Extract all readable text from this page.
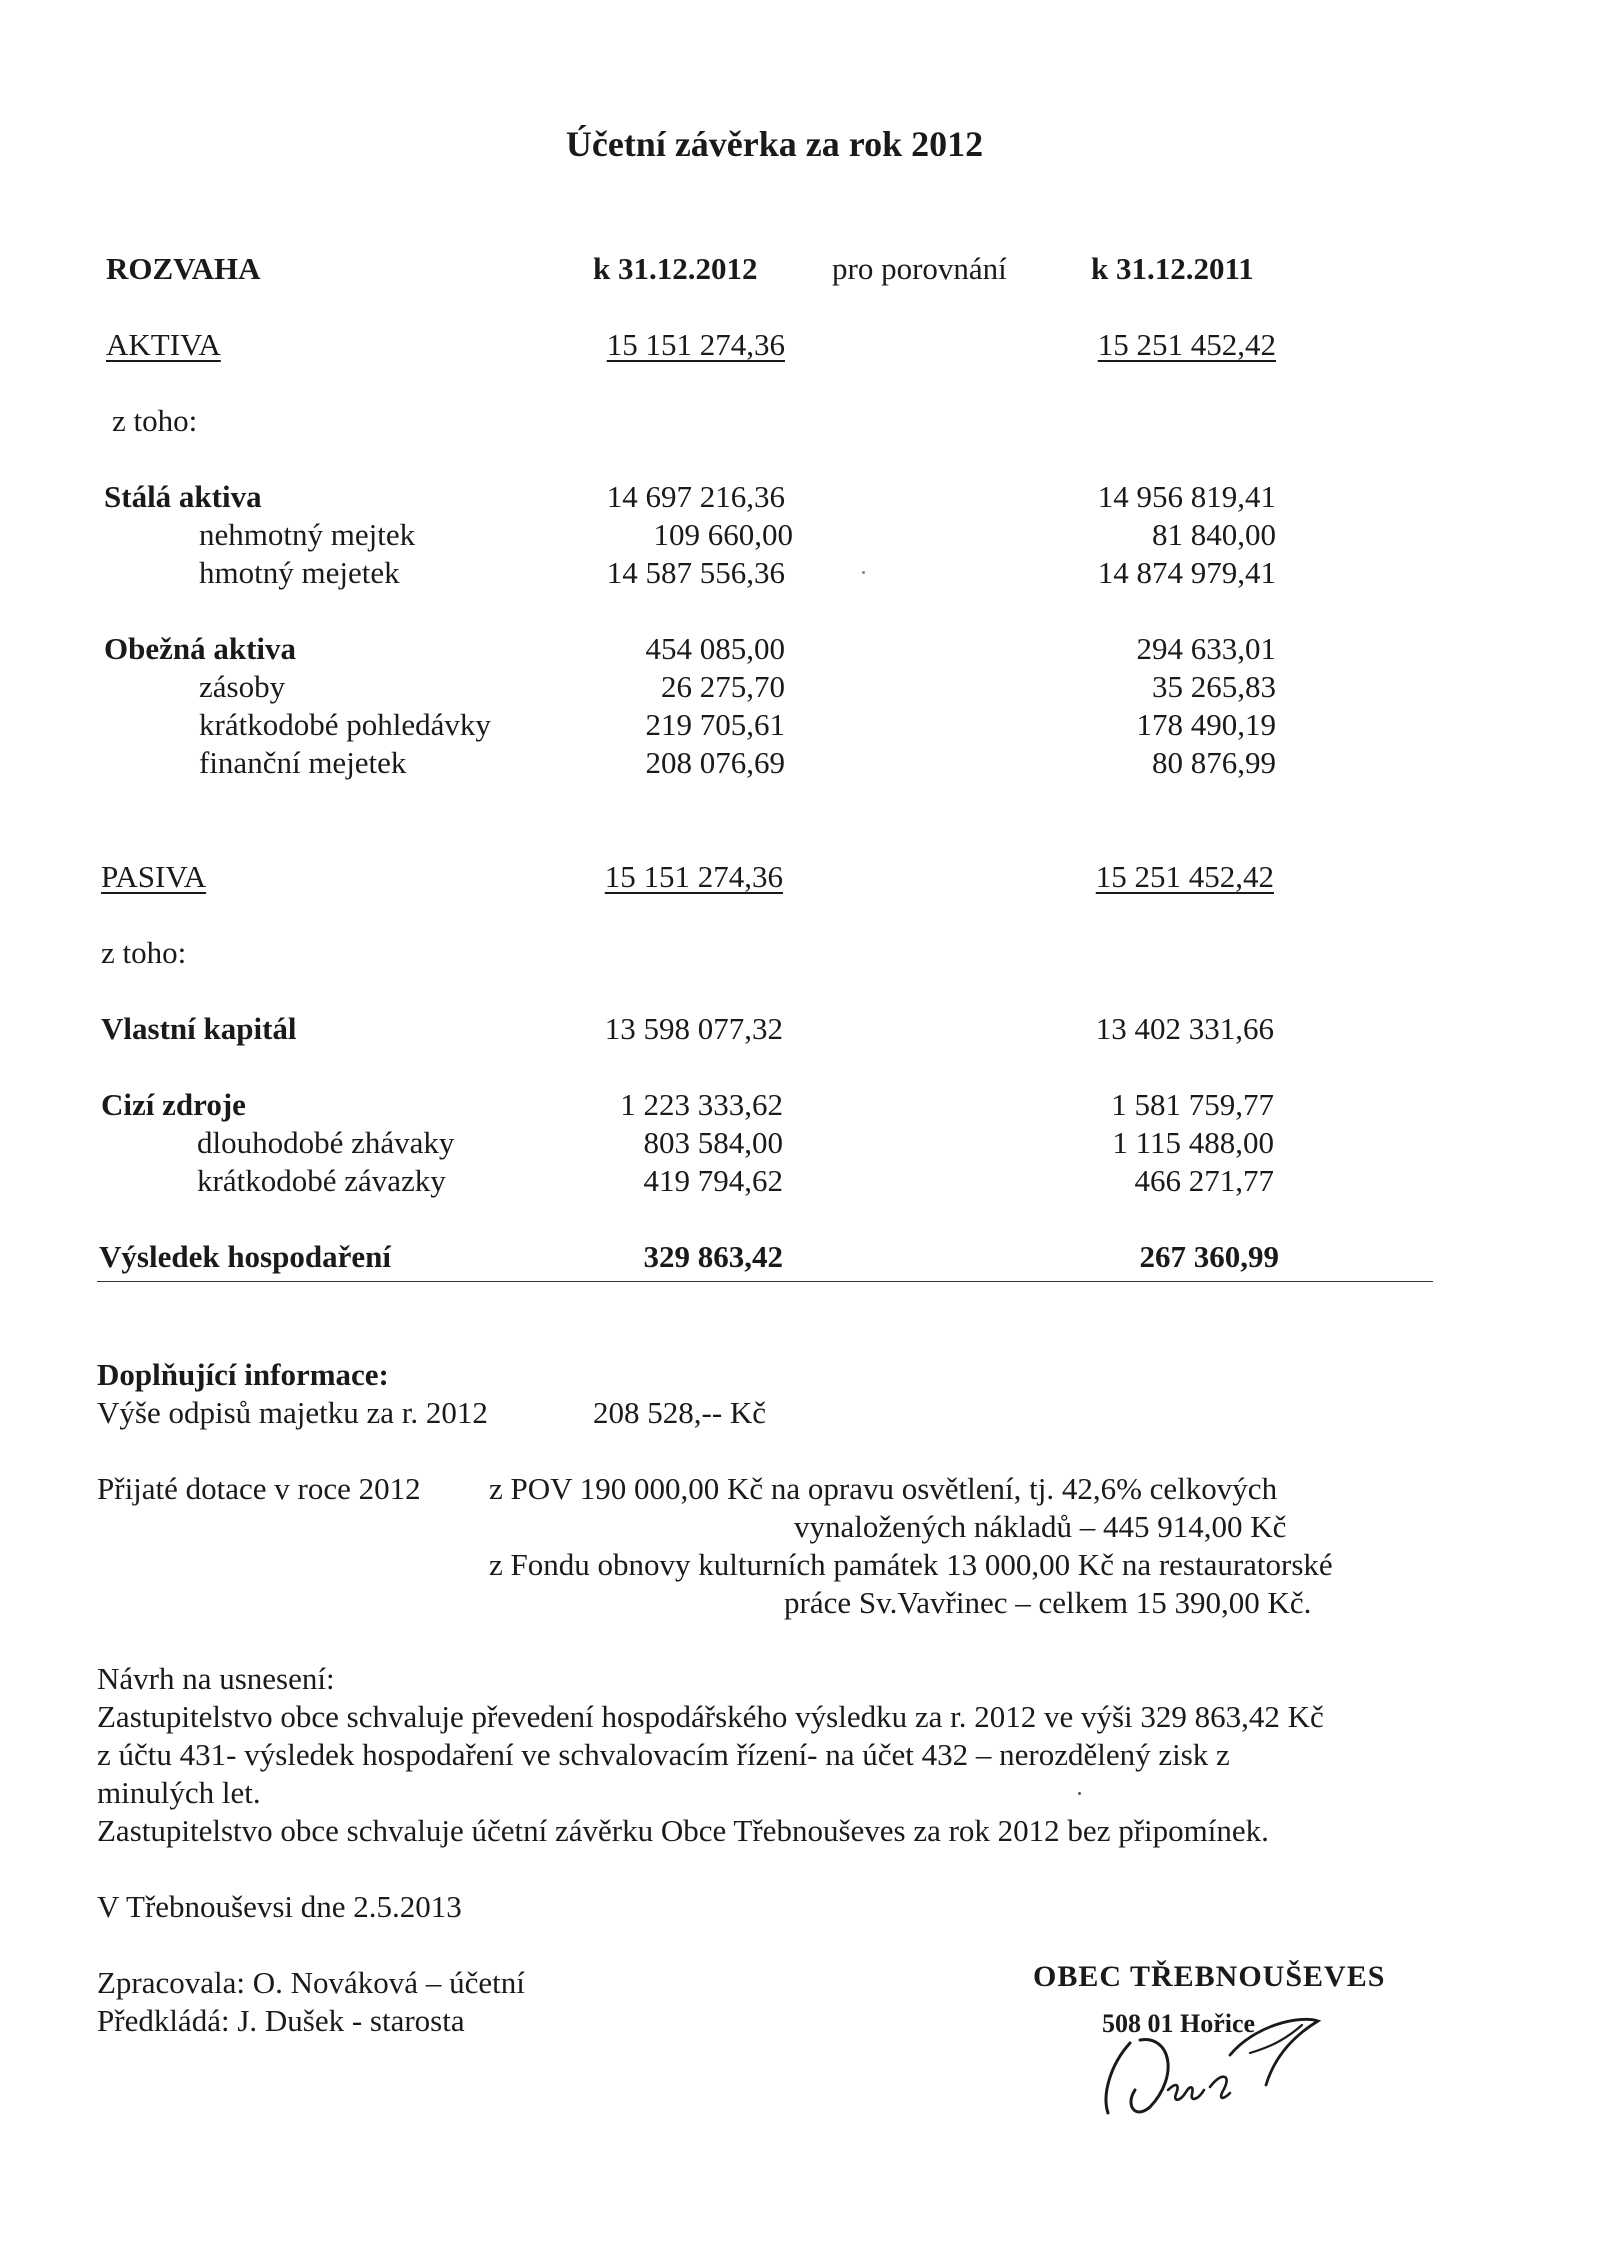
Účetní závěrka za rok 2012
ROZVAHA	k 31.12.2012 pro porovnání	k 31.12.2011
AKTIVA	15 151 274,36	15 251 452,42
z toho:
Stálá aktiva	14 697 216,36	14 956 819,41
nehmotný mejtek	109 660,00	81 840,00
hmotný mejetek	14 587 556,36	14 874 979,41
Obežná aktiva	454 085,00	294 633,01
zásoby	26 275,70	35 265,83
krátkodobé pohledávky	219 705,61	178 490,19
finanční mejetek	208 076,69	80 876,99
PASIVA	15 151 274,36	15 251 452,42
z toho:
Vlastní kapitál	13 598 077,32	13 402 331,66
Cizí zdroje	1 223 333,62	1 581 759,77
dlouhodobé zhávaky	803 584,00	1 115 488,00
krátkodobé závazky	419 794,62	466 271,77
Výsledek hospodaření	329 863,42	267 360,99
Doplňující informace:
Výše odpisů majetku za r. 2012	208 528,-- Kč
Přijaté dotace v roce 2012 z POV 190 000,00 Kč na opravu osvětlení, tj. 42,6% celkových
vynaložených nákladů – 445 914,00 Kč
z Fondu obnovy kulturních památek 13 000,00 Kč na restauratorské
práce Sv.Vavřinec – celkem 15 390,00 Kč.
Návrh na usnesení:
Zastupitelstvo obce schvaluje převedení hospodářského výsledku za r. 2012 ve výši 329 863,42 Kč
z účtu 431- výsledek hospodaření ve schvalovacím řízení- na účet 432 – nerozdělený zisk z
minulých let.
Zastupitelstvo obce schvaluje účetní závěrku Obce Třebnouševes za rok 2012 bez připomínek.
V Třebnouševsi dne 2.5.2013
Zpracovala: O. Nováková – účetní
Předkládá: J. Dušek - starosta
OBEC TŘEBNOUŠEVES
508 01 Hořice
